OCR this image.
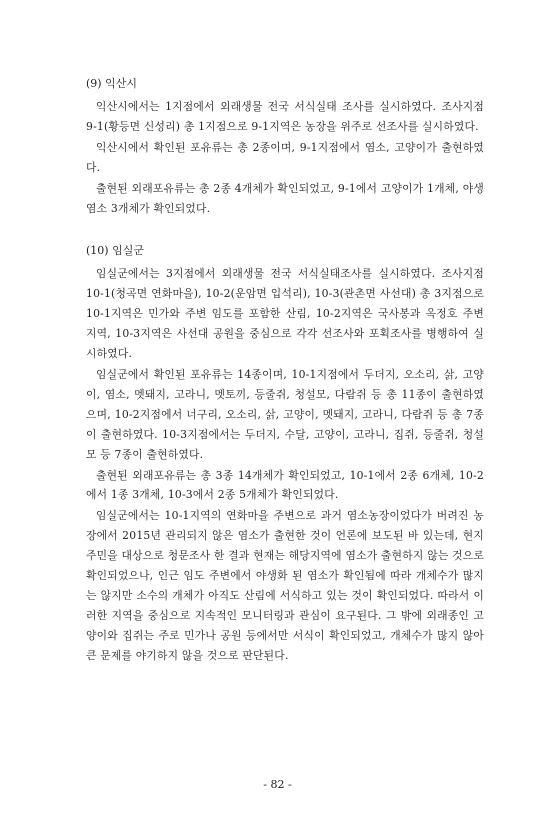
(9) 익산시

익산시에서는 1지점에서 외래생물 전국 서식실태 조사를 실시하였다. 조사지점 9-1(황등면 신성리) 총 1지점으로 9-1지역은 농장을 위주로 선조사를 실시하였다.

익산시에서 확인된 포유류는 총 2종이며, 9-1지점에서 염소, 고양이가 출현하였다.

출현된 외래포유류는 총 2종 4개체가 확인되었고, 9-1에서 고양이가 1개체, 야생염소 3개체가 확인되었다.

(10) 임실군

임실군에서는 3지점에서 외래생물 전국 서식실태조사를 실시하였다. 조사지점 10-1(청곡면 연화마을), 10-2(운암면 입석리), 10-3(관촌면 사선대) 총 3지점으로 10-1지역은 민가와 주변 임도를 포함한 산림, 10-2지역은 국사봉과 옥정호 주변 지역, 10-3지역은 사선대 공원을 중심으로 각각 선조사와 포획조사를 병행하여 실시하였다.

임실군에서 확인된 포유류는 14종이며, 10-1지점에서 두더지, 오소리, 삵, 고양이, 염소, 멧돼지, 고라니, 멧토끼, 등줄쥐, 청설모, 다람쥐 등 총 11종이 출현하였으며, 10-2지점에서 너구리, 오소리, 삵, 고양이, 멧돼지, 고라니, 다람쥐 등 총 7종이 출현하였다. 10-3지점에서는 두더지, 수달, 고양이, 고라니, 집쥐, 등줄쥐, 청설모 등 7종이 출현하였다.

출현된 외래포유류는 총 3종 14개체가 확인되었고, 10-1에서 2종 6개체, 10-2에서 1종 3개체, 10-3에서 2종 5개체가 확인되었다.

임실군에서는 10-1지역의 연화마을 주변으로 과거 염소농장이었다가 버려진 농장에서 2015년 관리되지 않은 염소가 출현한 것이 언론에 보도된 바 있는데, 현지 주민을 대상으로 청문조사 한 결과 현재는 해당지역에 염소가 출현하지 않는 것으로 확인되었으나, 인근 임도 주변에서 야생화 된 염소가 확인됨에 따라 개체수가 많지는 않지만 소수의 개체가 아직도 산림에 서식하고 있는 것이 확인되었다. 따라서 이러한 지역을 중심으로 지속적인 모니터링과 관심이 요구된다. 그 밖에 외래종인 고양이와 집쥐는 주로 민가나 공원 등에서만 서식이 확인되었고, 개체수가 많지 않아 큰 문제를 야기하지 않을 것으로 판단된다.

- 82 -
